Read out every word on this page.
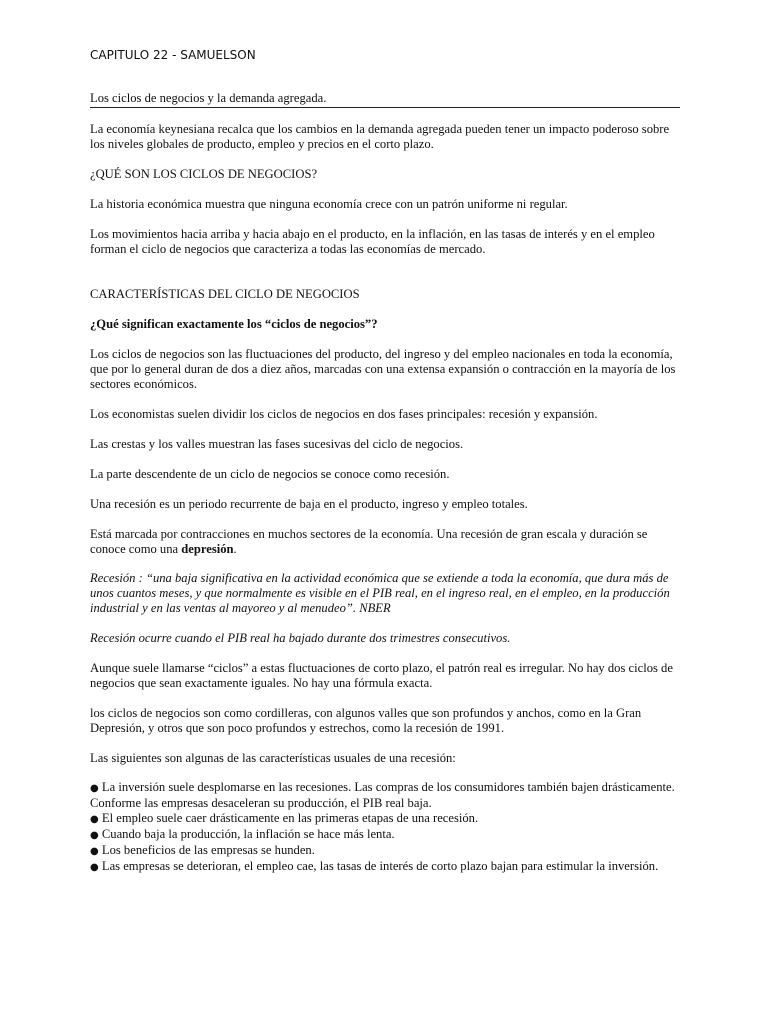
CAPITULO 22 - SAMUELSON

Los ciclos de negocios y la demanda agregada.

La economía keynesiana recalca que los cambios en la demanda agregada pueden tener un impacto poderoso sobre los niveles globales de producto, empleo y precios en el corto plazo.

¿QUÉ SON LOS CICLOS DE NEGOCIOS?

La historia económica muestra que ninguna economía crece con un patrón uniforme ni regular.

Los movimientos hacia arriba y hacia abajo en el producto, en la inflación, en las tasas de interés y en el empleo forman el ciclo de negocios que caracteriza a todas las economías de mercado.

CARACTERÍSTICAS DEL CICLO DE NEGOCIOS

¿Qué significan exactamente los “ciclos de negocios”?

Los ciclos de negocios son las fluctuaciones del producto, del ingreso y del empleo nacionales en toda la economía, que por lo general duran de dos a diez años, marcadas con una extensa expansión o contracción en la mayoría de los sectores económicos.

Los economistas suelen dividir los ciclos de negocios en dos fases principales: recesión y expansión.

Las crestas y los valles muestran las fases sucesivas del ciclo de negocios.

La parte descendente de un ciclo de negocios se conoce como recesión.

Una recesión es un periodo recurrente de baja en el producto, ingreso y empleo totales.

Está marcada por contracciones en muchos sectores de la economía. Una recesión de gran escala y duración se conoce como una depresión.

Recesión : “una baja significativa en la actividad económica que se extiende a toda la economía, que dura más de unos cuantos meses, y que normalmente es visible en el PIB real, en el ingreso real, en el empleo, en la producción industrial y en las ventas al mayoreo y al menudeo”. NBER

Recesión ocurre cuando el PIB real ha bajado durante dos trimestres consecutivos.

Aunque suele llamarse “ciclos” a estas fluctuaciones de corto plazo, el patrón real es irregular. No hay dos ciclos de negocios que sean exactamente iguales. No hay una fórmula exacta.

los ciclos de negocios son como cordilleras, con algunos valles que son profundos y anchos, como en la Gran Depresión, y otros que son poco profundos y estrechos, como la recesión de 1991.

Las siguientes son algunas de las características usuales de una recesión:

● La inversión suele desplomarse en las recesiones. Las compras de los consumidores también bajen drásticamente. Conforme las empresas desaceleran su producción, el PIB real baja.
● El empleo suele caer drásticamente en las primeras etapas de una recesión.
● Cuando baja la producción, la inflación se hace más lenta.
● Los beneficios de las empresas se hunden.
● Las empresas se deterioran, el empleo cae, las tasas de interés de corto plazo bajan para estimular la inversión.
